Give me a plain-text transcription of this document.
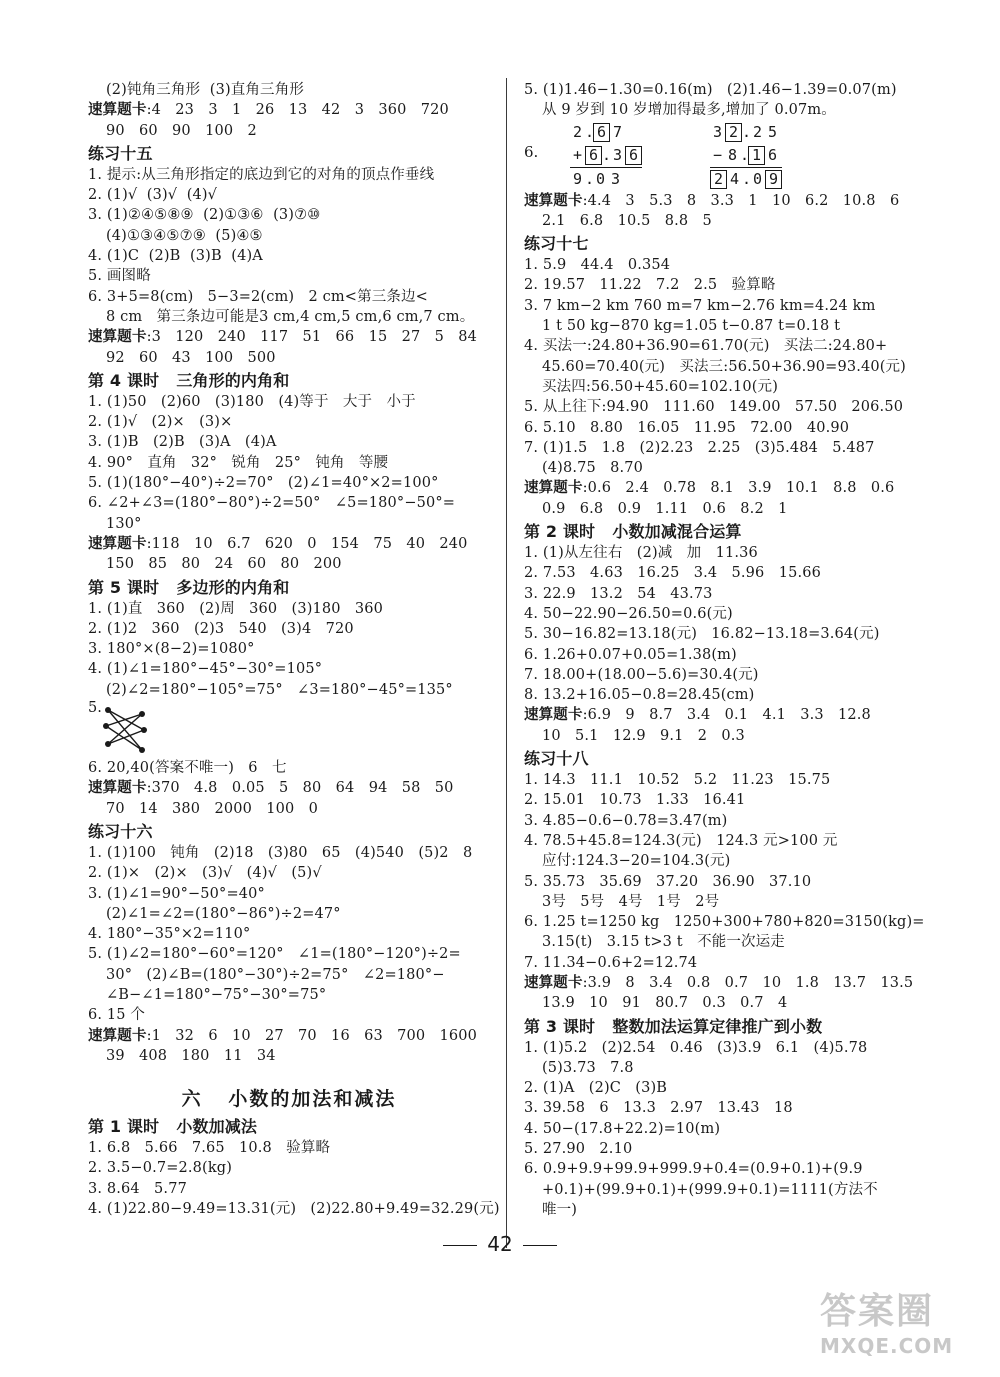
(2)钝角三角形  (3)直角三角形
速算题卡:4   23   3   1   26   13   42   3   360   720
90   60   90   100   2
练习十五
1. 提示:从三角形指定的底边到它的对角的顶点作垂线
2. (1)√  (3)√  (4)√
3. (1)②④⑤⑧⑨  (2)①③⑥  (3)⑦⑩
(4)①③④⑤⑦⑨  (5)④⑤
4. (1)C  (2)B  (3)B  (4)A
5. 画图略
6. 3+5=8(cm)   5−3=2(cm)   2 cm<第三条边<
8 cm   第三条边可能是3 cm,4 cm,5 cm,6 cm,7 cm。
速算题卡:3   120   240   117   51   66   15   27   5   84
92   60   43   100   500
第 4 课时   三角形的内角和
1. (1)50   (2)60   (3)180   (4)等于   大于   小于
2. (1)√   (2)×   (3)×
3. (1)B   (2)B   (3)A   (4)A
4. 90°   直角   32°   锐角   25°   钝角   等腰
5. (1)(180°−40°)÷2=70°   (2)∠1=40°×2=100°
6. ∠2+∠3=(180°−80°)÷2=50°   ∠5=180°−50°=
130°
速算题卡:118   10   6.7   620   0   154   75   40   240
150   85   80   24   60   80   200
第 5 课时   多边形的内角和
1. (1)直   360   (2)周   360   (3)180   360
2. (1)2   360   (2)3   540   (3)4   720
3. 180°×(8−2)=1080°
4. (1)∠1=180°−45°−30°=105°
(2)∠2=180°−105°=75°   ∠3=180°−45°=135°
5.
6. 20,40(答案不唯一)   6   七
速算题卡:370   4.8   0.05   5   80   64   94   58   50
70   14   380   2000   100   0
练习十六
1. (1)100   钝角   (2)18   (3)80   65   (4)540   (5)2   8
2. (1)×   (2)×   (3)√   (4)√   (5)√
3. (1)∠1=90°−50°=40°
(2)∠1=∠2=(180°−86°)÷2=47°
4. 180°−35°×2=110°
5. (1)∠2=180°−60°=120°   ∠1=(180°−120°)÷2=
30°   (2)∠B=(180°−30°)÷2=75°   ∠2=180°−
∠B−∠1=180°−75°−30°=75°
6. 15 个
速算题卡:1   32   6   10   27   70   16   63   700   1600
39   408   180   11   34
六   小数的加法和减法
第 1 课时   小数加减法
1. 6.8   5.66   7.65   10.8   验算略
2. 3.5−0.7=2.8(kg)
3. 8.64   5.77
4. (1)22.80−9.49=13.31(元)   (2)22.80+9.49=32.29(元)
5. (1)1.46−1.30=0.16(m)   (2)1.46−1.39=0.07(m)
从 9 岁到 10 岁增加得最多,增加了 0.07m。
6.
2 . 6 7
+ 6 . 3 6
9 . 0 3
3 2 . 2 5
− 8 . 1 6
2 4 . 0 9
速算题卡:4.4   3   5.3   8   3.3   1   10   6.2   10.8   6
2.1   6.8   10.5   8.8   5
练习十七
1. 5.9   44.4   0.354
2. 19.57   11.22   7.2   2.5   验算略
3. 7 km−2 km 760 m=7 km−2.76 km=4.24 km
1 t 50 kg−870 kg=1.05 t−0.87 t=0.18 t
4. 买法一:24.80+36.90=61.70(元)   买法二:24.80+
45.60=70.40(元)   买法三:56.50+36.90=93.40(元)
买法四:56.50+45.60=102.10(元)
5. 从上往下:94.90   111.60   149.00   57.50   206.50
6. 5.10   8.80   16.05   11.95   72.00   40.90
7. (1)1.5   1.8   (2)2.23   2.25   (3)5.484   5.487
(4)8.75   8.70
速算题卡:0.6   2.4   0.78   8.1   3.9   10.1   8.8   0.6
0.9   6.8   0.9   1.11   0.6   8.2   1
第 2 课时   小数加减混合运算
1. (1)从左往右   (2)减   加   11.36
2. 7.53   4.63   16.25   3.4   5.96   15.66
3. 22.9   13.2   54   43.73
4. 50−22.90−26.50=0.6(元)
5. 30−16.82=13.18(元)   16.82−13.18=3.64(元)
6. 1.26+0.07+0.05=1.38(m)
7. 18.00+(18.00−5.6)=30.4(元)
8. 13.2+16.05−0.8=28.45(cm)
速算题卡:6.9   9   8.7   3.4   0.1   4.1   3.3   12.8
10   5.1   12.9   9.1   2   0.3
练习十八
1. 14.3   11.1   10.52   5.2   11.23   15.75
2. 15.01   10.73   1.33   16.41
3. 4.85−0.6−0.78=3.47(m)
4. 78.5+45.8=124.3(元)   124.3 元>100 元
应付:124.3−20=104.3(元)
5. 35.73   35.69   37.20   36.90   37.10
3号   5号   4号   1号   2号
6. 1.25 t=1250 kg   1250+300+780+820=3150(kg)=
3.15(t)   3.15 t>3 t   不能一次运走
7. 11.34−0.6+2=12.74
速算题卡:3.9   8   3.4   0.8   0.7   10   1.8   13.7   13.5
13.9   10   91   80.7   0.3   0.7   4
第 3 课时   整数加法运算定律推广到小数
1. (1)5.2   (2)2.54   0.46   (3)3.9   6.1   (4)5.78
(5)3.73   7.8
2. (1)A   (2)C   (3)B
3. 39.58   6   13.3   2.97   13.43   18
4. 50−(17.8+22.2)=10(m)
5. 27.90   2.10
6. 0.9+9.9+99.9+999.9+0.4=(0.9+0.1)+(9.9
+0.1)+(99.9+0.1)+(999.9+0.1)=1111(方法不
唯一)
42
答案圈
MXQE.COM
